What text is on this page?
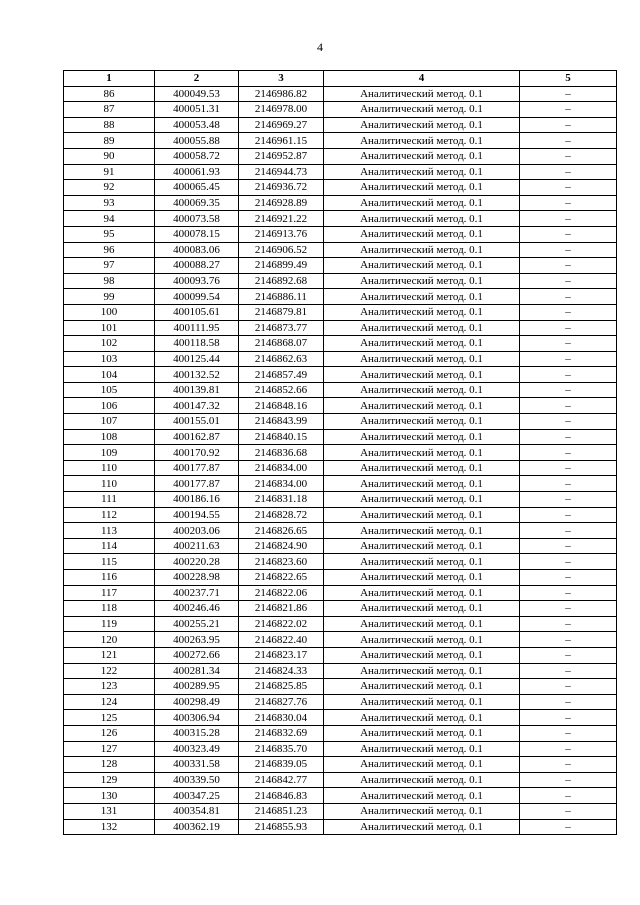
4
1	2	3	4	5
86	400049.53	2146986.82	Аналитический метод. 0.1	–
87	400051.31	2146978.00	Аналитический метод. 0.1	–
88	400053.48	2146969.27	Аналитический метод. 0.1	–
89	400055.88	2146961.15	Аналитический метод. 0.1	–
90	400058.72	2146952.87	Аналитический метод. 0.1	–
91	400061.93	2146944.73	Аналитический метод. 0.1	–
92	400065.45	2146936.72	Аналитический метод. 0.1	–
93	400069.35	2146928.89	Аналитический метод. 0.1	–
94	400073.58	2146921.22	Аналитический метод. 0.1	–
95	400078.15	2146913.76	Аналитический метод. 0.1	–
96	400083.06	2146906.52	Аналитический метод. 0.1	–
97	400088.27	2146899.49	Аналитический метод. 0.1	–
98	400093.76	2146892.68	Аналитический метод. 0.1	–
99	400099.54	2146886.11	Аналитический метод. 0.1	–
100	400105.61	2146879.81	Аналитический метод. 0.1	–
101	400111.95	2146873.77	Аналитический метод. 0.1	–
102	400118.58	2146868.07	Аналитический метод. 0.1	–
103	400125.44	2146862.63	Аналитический метод. 0.1	–
104	400132.52	2146857.49	Аналитический метод. 0.1	–
105	400139.81	2146852.66	Аналитический метод. 0.1	–
106	400147.32	2146848.16	Аналитический метод. 0.1	–
107	400155.01	2146843.99	Аналитический метод. 0.1	–
108	400162.87	2146840.15	Аналитический метод. 0.1	–
109	400170.92	2146836.68	Аналитический метод. 0.1	–
110	400177.87	2146834.00	Аналитический метод. 0.1	–
110	400177.87	2146834.00	Аналитический метод. 0.1	–
111	400186.16	2146831.18	Аналитический метод. 0.1	–
112	400194.55	2146828.72	Аналитический метод. 0.1	–
113	400203.06	2146826.65	Аналитический метод. 0.1	–
114	400211.63	2146824.90	Аналитический метод. 0.1	–
115	400220.28	2146823.60	Аналитический метод. 0.1	–
116	400228.98	2146822.65	Аналитический метод. 0.1	–
117	400237.71	2146822.06	Аналитический метод. 0.1	–
118	400246.46	2146821.86	Аналитический метод. 0.1	–
119	400255.21	2146822.02	Аналитический метод. 0.1	–
120	400263.95	2146822.40	Аналитический метод. 0.1	–
121	400272.66	2146823.17	Аналитический метод. 0.1	–
122	400281.34	2146824.33	Аналитический метод. 0.1	–
123	400289.95	2146825.85	Аналитический метод. 0.1	–
124	400298.49	2146827.76	Аналитический метод. 0.1	–
125	400306.94	2146830.04	Аналитический метод. 0.1	–
126	400315.28	2146832.69	Аналитический метод. 0.1	–
127	400323.49	2146835.70	Аналитический метод. 0.1	–
128	400331.58	2146839.05	Аналитический метод. 0.1	–
129	400339.50	2146842.77	Аналитический метод. 0.1	–
130	400347.25	2146846.83	Аналитический метод. 0.1	–
131	400354.81	2146851.23	Аналитический метод. 0.1	–
132	400362.19	2146855.93	Аналитический метод. 0.1	–
